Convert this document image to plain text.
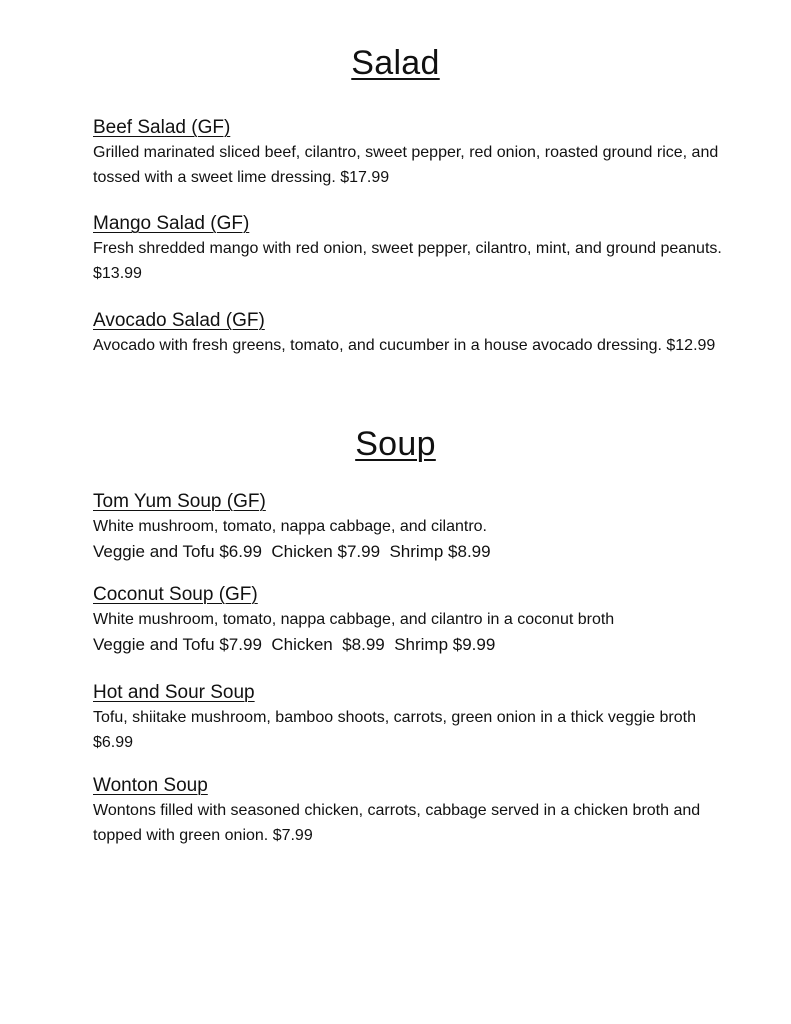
Salad
Beef Salad (GF)
Grilled marinated sliced beef, cilantro, sweet pepper, red onion, roasted ground rice, and tossed with a sweet lime dressing. $17.99
Mango Salad (GF)
Fresh shredded mango with red onion, sweet pepper, cilantro, mint, and ground peanuts. $13.99
Avocado Salad (GF)
Avocado with fresh greens, tomato, and cucumber in a house avocado dressing. $12.99
Soup
Tom Yum Soup (GF)
White mushroom, tomato, nappa cabbage, and cilantro.
Veggie and Tofu $6.99  Chicken $7.99  Shrimp $8.99
Coconut Soup (GF)
White mushroom, tomato, nappa cabbage, and cilantro in a coconut broth
Veggie and Tofu $7.99  Chicken  $8.99  Shrimp $9.99
Hot and Sour Soup
Tofu, shiitake mushroom, bamboo shoots, carrots, green onion in a thick veggie broth $6.99
Wonton Soup
Wontons filled with seasoned chicken, carrots, cabbage served in a chicken broth and topped with green onion. $7.99
